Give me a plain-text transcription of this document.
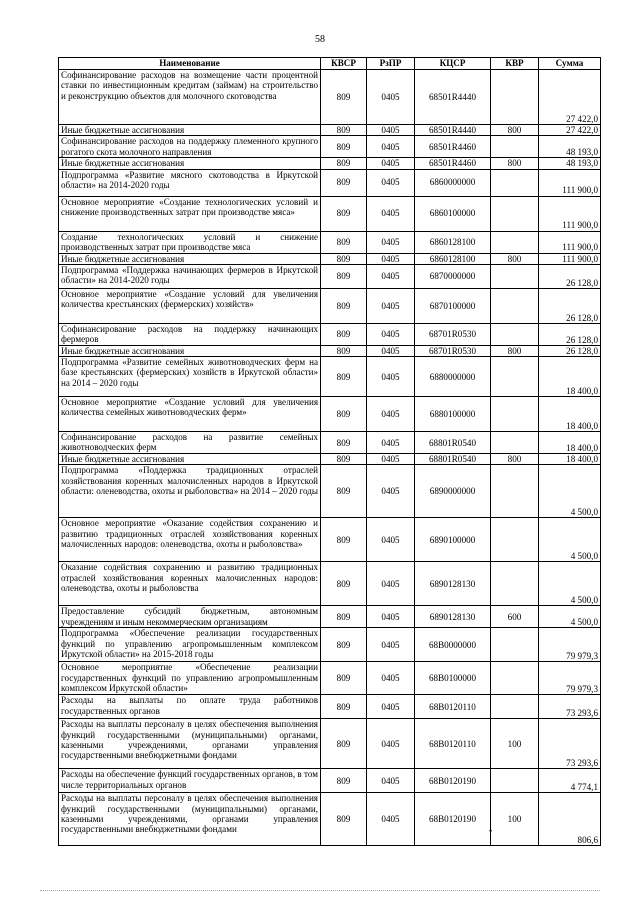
58
Наименование	КВСР	РзПР	КЦСР	КВР	Сумма
Софинансирование расходов на возмещение части процентной ставки по инвестиционным кредитам (займам) на строительство и реконструкцию объектов для молочного скотоводства	809	0405	68501R4440		27 422,0
Иные бюджетные ассигнования	809	0405	68501R4440	800	27 422,0
Софинансирование расходов на поддержку племенного крупного рогатого скота молочного направления	809	0405	68501R4460		48 193,0
Иные бюджетные ассигнования	809	0405	68501R4460	800	48 193,0
Подпрограмма «Развитие мясного скотоводства в Иркутской области» на 2014-2020 годы	809	0405	6860000000		111 900,0
Основное мероприятие «Создание технологических условий и снижение производственных затрат при производстве мяса»	809	0405	6860100000		111 900,0
Создание технологических условий и снижение производственных затрат при производстве мяса	809	0405	6860128100		111 900,0
Иные бюджетные ассигнования	809	0405	6860128100	800	111 900,0
Подпрограмма «Поддержка начинающих фермеров в Иркутской области» на 2014-2020 годы	809	0405	6870000000		26 128,0
Основное мероприятие «Создание условий для увеличения количества крестьянских (фермерских) хозяйств»	809	0405	6870100000		26 128,0
Софинансирование расходов на поддержку начинающих фермеров	809	0405	68701R0530		26 128,0
Иные бюджетные ассигнования	809	0405	68701R0530	800	26 128,0
Подпрограмма «Развитие семейных животноводческих ферм на базе крестьянских (фермерских) хозяйств в Иркутской области» на 2014 – 2020 годы	809	0405	6880000000		18 400,0
Основное мероприятие «Создание условий для увеличения количества семейных животноводческих ферм»	809	0405	6880100000		18 400,0
Софинансирование расходов на развитие семейных животноводческих ферм	809	0405	68801R0540		18 400,0
Иные бюджетные ассигнования	809	0405	68801R0540	800	18 400,0
Подпрограмма «Поддержка традиционных отраслей хозяйствования коренных малочисленных народов в Иркутской области: оленеводства, охоты и рыболовства» на 2014 – 2020 годы	809	0405	6890000000		4 500,0
Основное мероприятие «Оказание содействия сохранению и развитию традиционных отраслей хозяйствования коренных малочисленных народов: оленеводства, охоты и рыболовства»	809	0405	6890100000		4 500,0
Оказание содействия сохранению и развитию традиционных отраслей хозяйствования коренных малочисленных народов: оленеводства, охоты и рыболовства	809	0405	6890128130		4 500,0
Предоставление субсидий бюджетным, автономным учреждениям и иным некоммерческим организациям	809	0405	6890128130	600	4 500,0
Подпрограмма «Обеспечение реализации государственных функций по управлению агропромышленным комплексом Иркутской области» на 2015-2018 годы	809	0405	68В0000000		79 979,3
Основное мероприятие «Обеспечение реализации государственных функций по управлению агропромышленным комплексом Иркутской области»	809	0405	68В0100000		79 979,3
Расходы на выплаты по оплате труда работников государственных органов	809	0405	68В0120110		73 293,6
Расходы на выплаты персоналу в целях обеспечения выполнения функций государственными (муниципальными) органами, казенными учреждениями, органами управления государственными внебюджетными фондами	809	0405	68В0120110	100	73 293,6
Расходы на обеспечение функций государственных органов, в том числе территориальных органов	809	0405	68В0120190		4 774,1
Расходы на выплаты персоналу в целях обеспечения выполнения функций государственными (муниципальными) органами, казенными учреждениями, органами управления государственными внебюджетными фондами	809	0405	68В0120190	100	806,6
•
